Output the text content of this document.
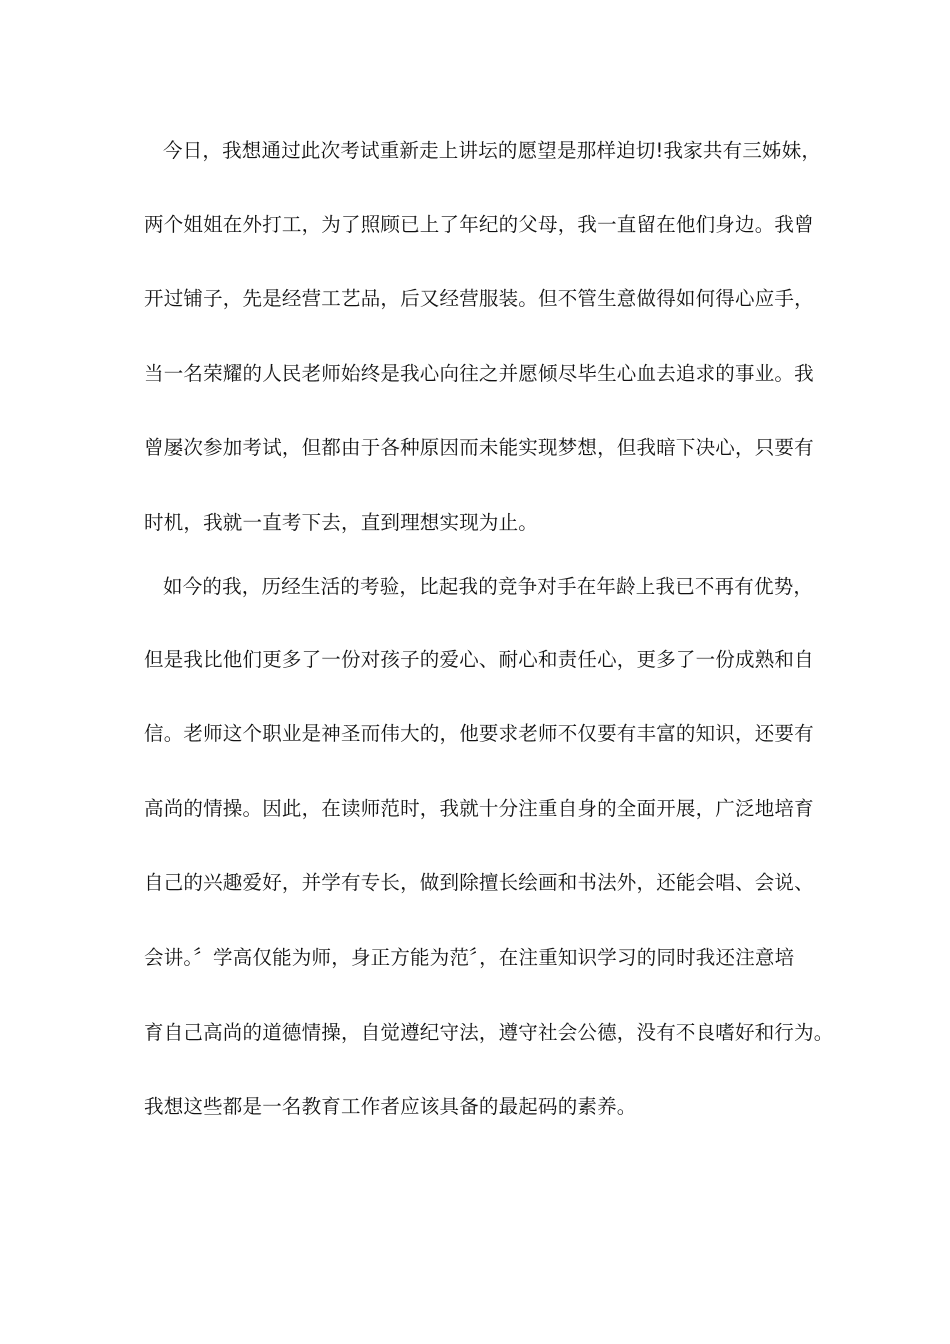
今日，我想通过此次考试重新走上讲坛的愿望是那样迫切!我家共有三姊妹，
两个姐姐在外打工，为了照顾已上了年纪的父母，我一直留在他们身边。我曾
开过铺子，先是经营工艺品，后又经营服装。但不管生意做得如何得心应手，
当一名荣耀的人民老师始终是我心向往之并愿倾尽毕生心血去追求的事业。我
曾屡次参加考试，但都由于各种原因而未能实现梦想，但我暗下决心，只要有
时机，我就一直考下去，直到理想实现为止。
如今的我，历经生活的考验，比起我的竞争对手在年龄上我已不再有优势，
但是我比他们更多了一份对孩子的爱心、耐心和责任心，更多了一份成熟和自
信。老师这个职业是神圣而伟大的，他要求老师不仅要有丰富的知识，还要有
高尚的情操。因此，在读师范时，我就十分注重自身的全面开展，广泛地培育
自己的兴趣爱好，并学有专长，做到除擅长绘画和书法外，还能会唱、会说、
会讲。〞学高仅能为师，身正方能为范〞，在注重知识学习的同时我还注意培
育自己高尚的道德情操，自觉遵纪守法，遵守社会公德，没有不良嗜好和行为。
我想这些都是一名教育工作者应该具备的最起码的素养。
